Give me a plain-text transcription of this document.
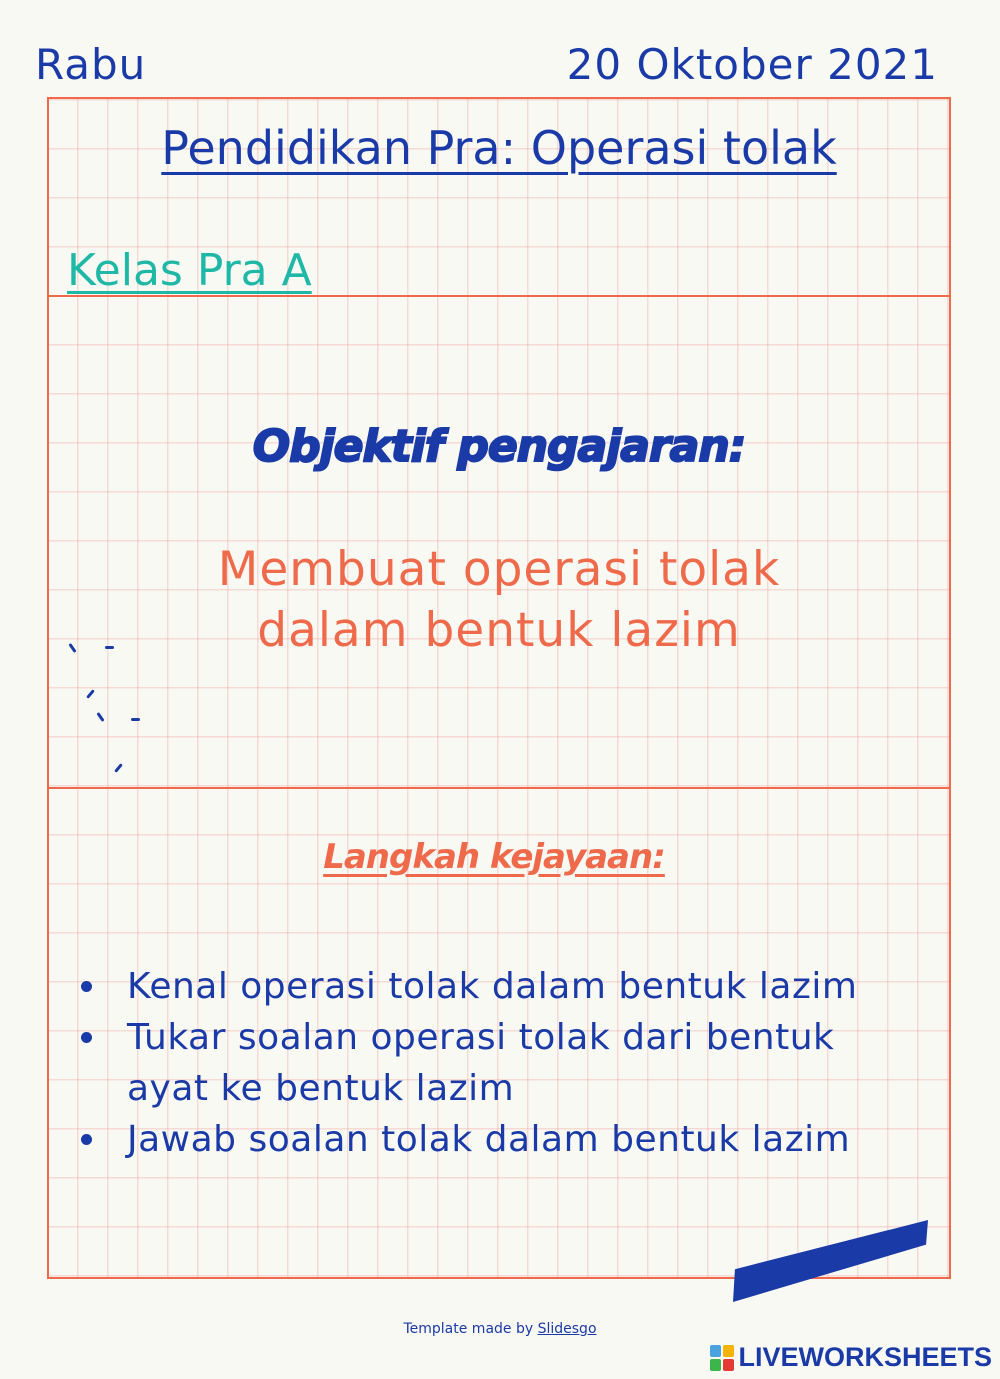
Rabu	20 Oktober 2021
Pendidikan Pra: Operasi tolak
Kelas Pra A
Objektif pengajaran:
Membuat operasi tolak
dalam bentuk lazim
Langkah kejayaan:
Kenal operasi tolak dalam bentuk lazim
Tukar soalan operasi tolak dari bentuk ayat ke bentuk lazim
Jawab soalan tolak dalam bentuk lazim
Template made by Slidesgo
LIVEWORKSHEETS
